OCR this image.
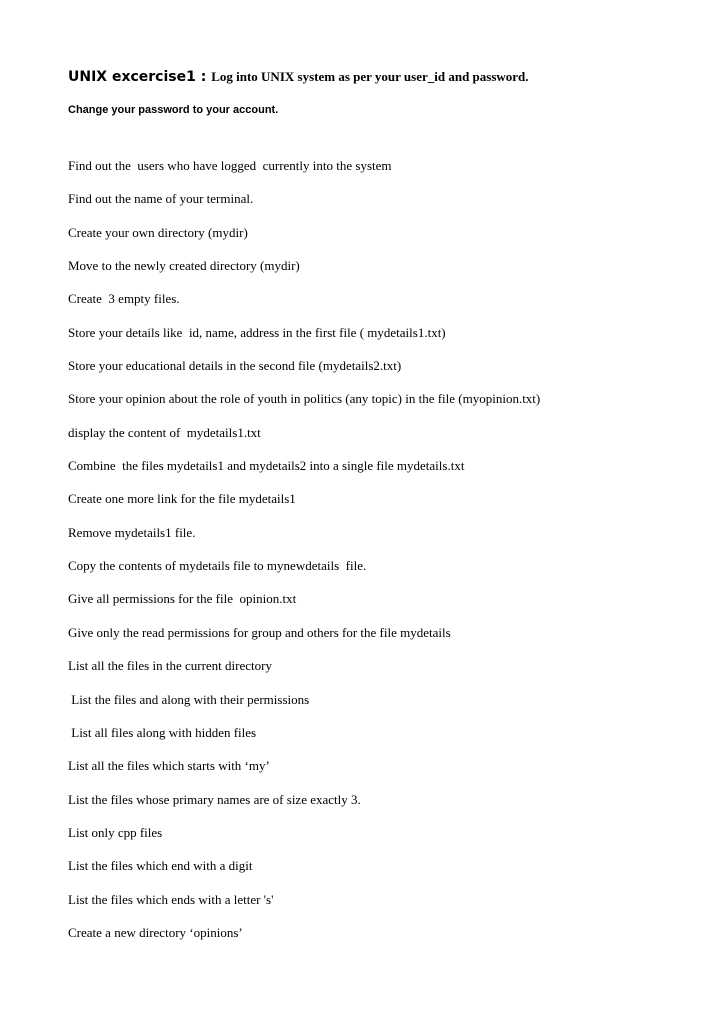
UNIX excercise1 : Log into UNIX system as per your user_id and password.
Change your password to your account.
Find out the  users who have logged  currently into the system
Find out the name of your terminal.
Create your own directory (mydir)
Move to the newly created directory (mydir)
Create  3 empty files.
Store your details like  id, name, address in the first file ( mydetails1.txt)
Store your educational details in the second file (mydetails2.txt)
Store your opinion about the role of youth in politics (any topic) in the file (myopinion.txt)
display the content of  mydetails1.txt
Combine  the files mydetails1 and mydetails2 into a single file mydetails.txt
Create one more link for the file mydetails1
Remove mydetails1 file.
Copy the contents of mydetails file to mynewdetails  file.
Give all permissions for the file  opinion.txt
Give only the read permissions for group and others for the file mydetails
List all the files in the current directory
List the files and along with their permissions
List all files along with hidden files
List all the files which starts with ‘my’
List the files whose primary names are of size exactly 3.
List only cpp files
List the files which end with a digit
List the files which ends with a letter 's'
Create a new directory ‘opinions’
